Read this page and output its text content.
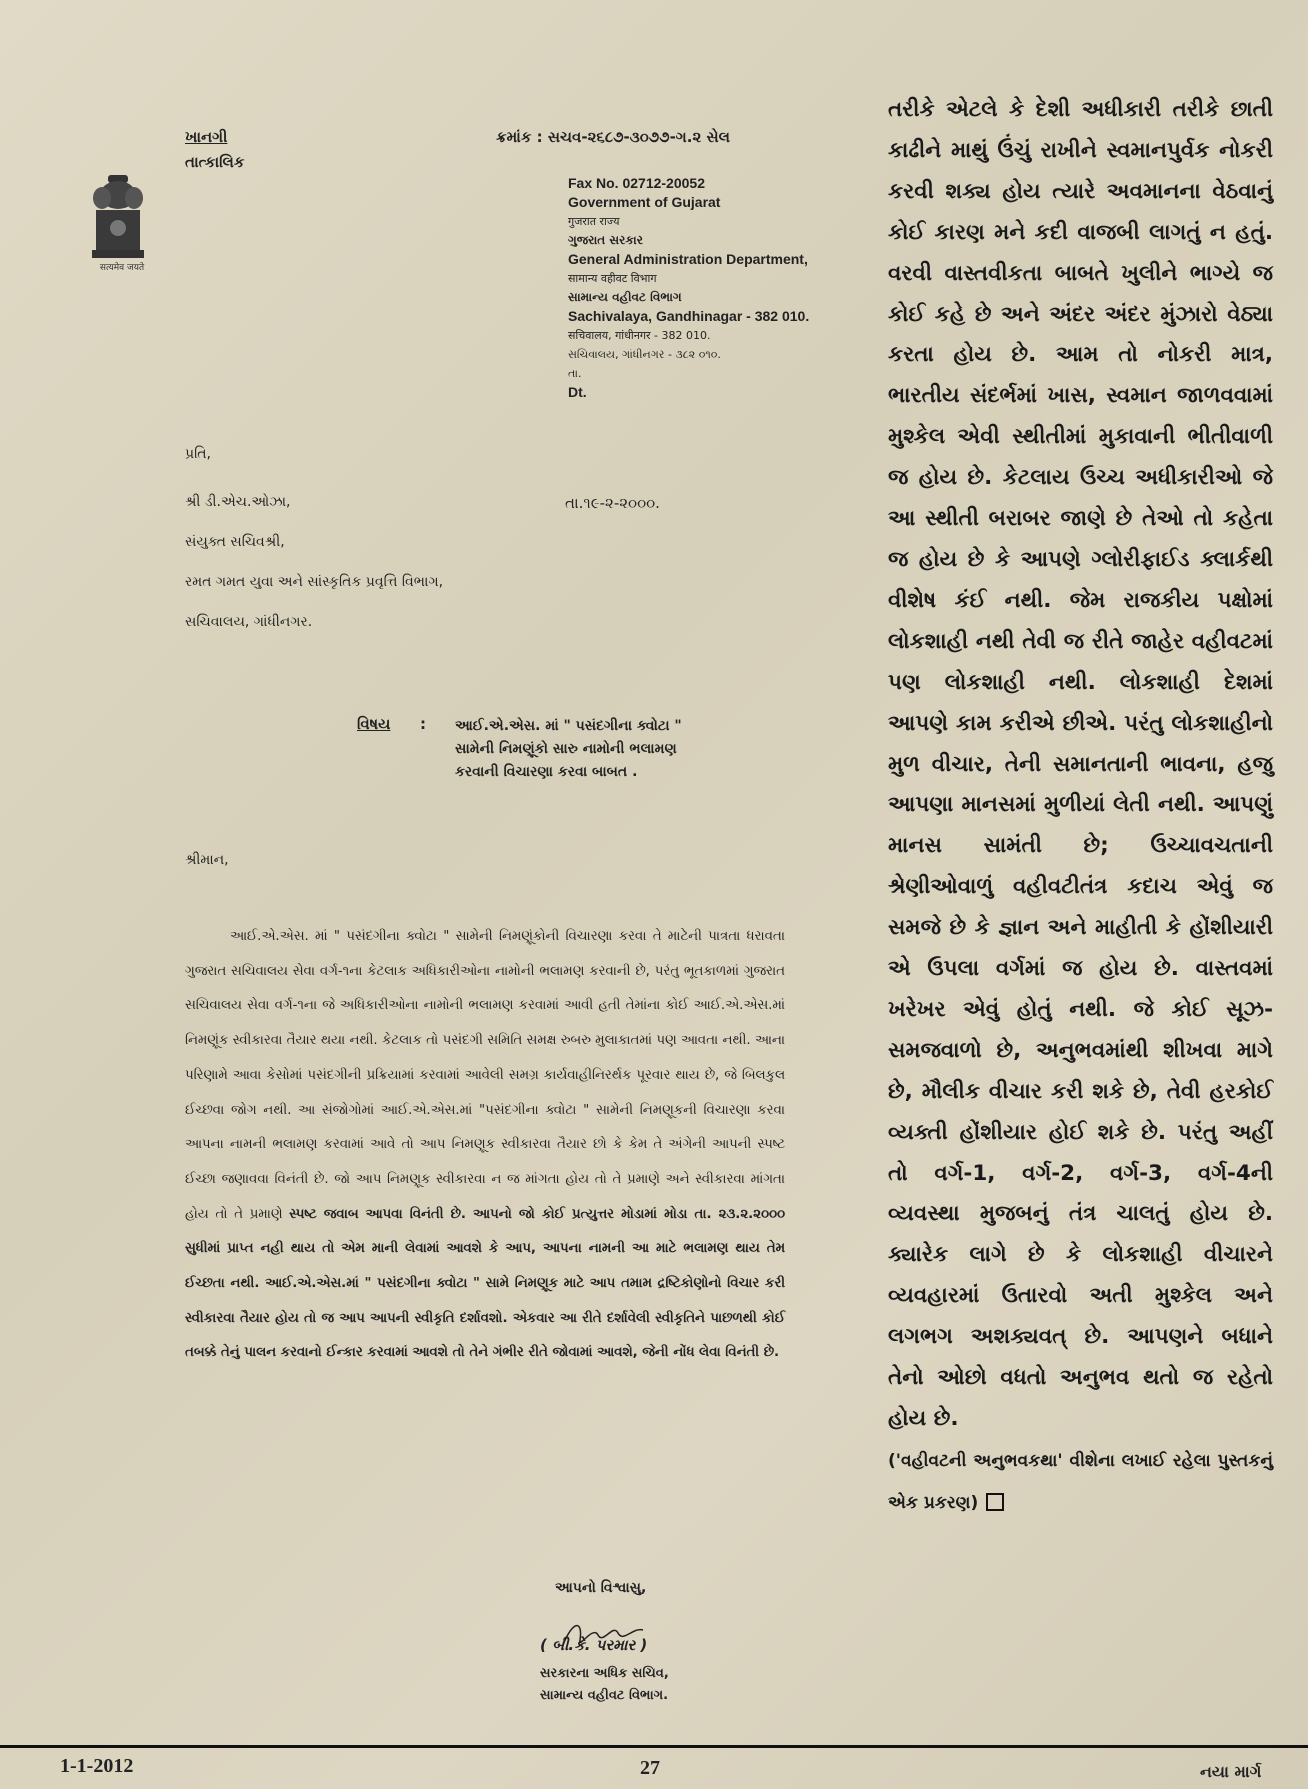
सत्यमेव जयते
ખાનગી
તાત્કાલિક
ક્રમાંક : સચવ-૨૬૮૭-૩૦૭૭-ગ.૨ સેલ
Fax No. 02712-20052
Government of Gujarat
गुजरात राज्य
ગુજરાત સરકાર
General Administration Department,
सामान्य वहीवट विभाग
સામાન્ય વહીવટ વિભાગ
Sachivalaya, Gandhinagar - 382 010.
सचिवालय, गांधीनगर - 382 010.
સચિવાલય, ગાંધીનગર - ૩૮૨ ૦૧૦.
તા.
Dt.
પ્રતિ,
શ્રી ડી.એચ.ઓઝા,
સંયુક્ત સચિવશ્રી,
રમત ગમત યુવા અને સાંસ્કૃતિક પ્રવૃત્તિ વિભાગ,
સચિવાલય, ગાંધીનગર.
તા.૧૯-૨-૨૦૦૦.
વિષય : આઈ.એ.એસ. માં " પસંદગીના ક્વોટા "
સામેની નિમણૂંકો સારુ નામોની ભલામણ
કરવાની વિચારણા કરવા બાબત .
શ્રીમાન,
આઈ.એ.એસ. માં " પસંદગીના ક્વોટા " સામેની નિમણૂંકોની વિચારણા કરવા તે માટેની પાત્રતા ધરાવતા ગુજરાત સચિવાલય સેવા વર્ગ-૧ના કેટલાક અધિકારીઓના નામોની ભલામણ કરવાની છે, પરંતુ ભૂતકાળમાં ગુજરાત સચિવાલય સેવા વર્ગ-૧ના જે અધિકારીઓના નામોની ભલામણ કરવામાં આવી હતી તેમાંના કોઈ આઈ.એ.એસ.માં નિમણૂંક સ્વીકારવા તૈયાર થયા નથી. કેટલાક તો પસંદગી સમિતિ સમક્ષ રુબરુ મુલાકાતમાં પણ આવતા નથી. આના પરિણામે આવા કેસોમાં પસંદગીની પ્રક્રિયામાં કરવામાં આવેલી સમગ્ર કાર્યવાહીનિરર્થક પૂરવાર થાય છે, જે બિલકુલ ઈચ્છવા જોગ નથી. આ સંજોગોમાં આઈ.એ.એસ.માં "પસંદગીના ક્વોટા " સામેની નિમણૂકની વિચારણા કરવા આપના નામની ભલામણ કરવામાં આવે તો આપ નિમણૂક સ્વીકારવા તૈયાર છો કે કેમ તે અંગેની આપની સ્પષ્ટ ઈચ્છા જણાવવા વિનંતી છે. જો આપ નિમણૂક સ્વીકારવા ન જ માંગતા હોય તો તે પ્રમાણે અને સ્વીકારવા માંગતા હોય તો તે પ્રમાણે સ્પષ્ટ જવાબ આપવા વિનંતી છે. આપનો જો કોઈ પ્રત્યુત્તર મોડામાં મોડા તા. ૨૩.૨.૨૦૦૦ સુધીમાં પ્રાપ્ત નહી થાય તો એમ માની લેવામાં આવશે કે આપ, આપના નામની આ માટે ભલામણ થાય તેમ ઈચ્છતા નથી. આઈ.એ.એસ.માં " પસંદગીના ક્વોટા " સામે નિમણૂક માટે આપ તમામ દ્રષ્ટિકોણોનો વિચાર કરી સ્વીકારવા તૈયાર હોય તો જ આપ આપની સ્વીકૃતિ દર્શાવશો. એકવાર આ રીતે દર્શાવેલી સ્વીકૃતિને પાછળથી કોઈ તબક્કે તેનું પાલન કરવાનો ઈન્કાર કરવામાં આવશે તો તેને ગંભીર રીતે જોવામાં આવશે, જેની નોંધ લેવા વિનંતી છે.
આપનો વિશ્વાસુ,
( બી.કે. પરમાર )
સરકારના અધિક સચિવ,
સામાન્ય વહીવટ વિભાગ.
તરીકે એટલે કે દેશી અધીકારી તરીકે છાતી કાઢીને માથું ઉંચું રાખીને સ્વમાનપુર્વક નોકરી કરવી શક્ય હોય ત્યારે અવમાનના વેઠવાનું કોઈ કારણ મને કદી વાજબી લાગતું ન હતું. વરવી વાસ્તવીકતા બાબતે ખુલીને ભાગ્યે જ કોઈ કહે છે અને અંદર અંદર મુંઝારો વેઠ્યા કરતા હોય છે. આમ તો નોકરી માત્ર, ભારતીય સંદર્ભમાં ખાસ, સ્વમાન જાળવવામાં મુશ્કેલ એવી સ્થીતીમાં મુકાવાની ભીતીવાળી જ હોય છે. કેટલાય ઉચ્ચ અધીકારીઓ જે આ સ્થીતી બરાબર જાણે છે તેઓ તો કહેતા જ હોય છે કે આપણે ગ્લોરીફાઈડ ક્લાર્કથી વીશેષ કંઈ નથી. જેમ રાજકીય પક્ષોમાં લોકશાહી નથી તેવી જ રીતે જાહેર વહીવટમાં પણ લોકશાહી નથી. લોકશાહી દેશમાં આપણે કામ કરીએ છીએ. પરંતુ લોકશાહીનો મુળ વીચાર, તેની સમાનતાની ભાવના, હજુ આપણા માનસમાં મુળીયાં લેતી નથી. આપણું માનસ સામંતી છે; ઉચ્ચાવચતાની શ્રેણીઓવાળું વહીવટીતંત્ર કદાચ એવું જ સમજે છે કે જ્ઞાન અને માહીતી કે હોંશીયારી એ ઉપલા વર્ગમાં જ હોય છે. વાસ્તવમાં ખરેખર એવું હોતું નથી. જે કોઈ સૂઝ-સમજવાળો છે, અનુભવમાંથી શીખવા માગે છે, મૌલીક વીચાર કરી શકે છે, તેવી હરકોઈ વ્યક્તી હોંશીયાર હોઈ શકે છે. પરંતુ અહીં તો વર્ગ-1, વર્ગ-2, વર્ગ-3, વર્ગ-4ની વ્યવસ્થા મુજબનું તંત્ર ચાલતું હોય છે. ક્યારેક લાગે છે કે લોકશાહી વીચારને વ્યવહારમાં ઉતારવો અતી મુશ્કેલ અને લગભગ અશક્યવત્ છે. આપણને બધાને તેનો ઓછો વધતો અનુભવ થતો જ રહેતો હોય છે.
('વહીવટની અનુભવકથા' વીશેના લખાઈ રહેલા પુસ્તકનું એક પ્રકરણ)
1-1-2012	27	નયા માર્ગ
